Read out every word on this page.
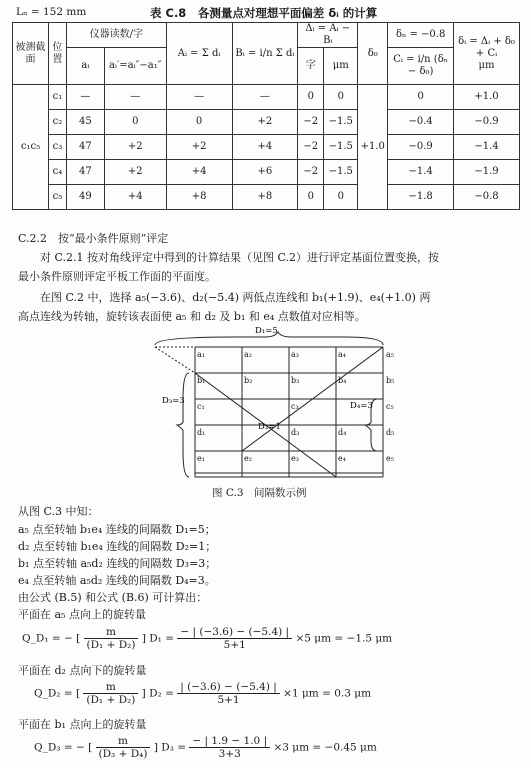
Lₙ = 152 mm	表 C.8　各测量点对理想平面偏差 δᵢ 的计算
被测截面	位置	仪器读数/字		Aᵢ = Σ dᵢ	Bᵢ = i/n Σ dᵢ	Δᵢ = Aᵢ − Bᵢ		δ₀	δₙ = −0.8	δᵢ = Δᵢ + δ₀ + Cᵢ
μm
		aᵢ	aᵢ′=aᵢ″−a₁″			字	μm		Cᵢ = i/n (δₙ − δ₀)	
c₁c₅	c₁	—	—	—	—	0	0	+1.0	0	+1.0
	c₂	45	0	0	+2	−2	−1.5		−0.4	−0.9
	c₃	47	+2	+2	+4	−2	−1.5		−0.9	−1.4
	c₄	47	+2	+4	+6	−2	−1.5		−1.4	−1.9
	c₅	49	+4	+8	+8	0	0		−1.8	−0.8
C.2.2　按“最小条件原则”评定
对 C.2.1 按对角线评定中得到的计算结果（见图 C.2）进行评定基面位置变换，按
最小条件原则评定平板工作面的平面度。
在图 C.2 中，选择 a₅(−3.6)、d₂(−5.4) 两低点连线和 b₁(+1.9)、e₄(+1.0) 两
高点连线为转轴，旋转该表面使 a₅ 和 d₂ 及 b₁ 和 e₄ 点数值对应相等。
a₁	a₂	a₃	a₄	a₅
b₁	b₂	b₃	b₄	b₅
c₁	c₃	c₅
d₁	d₃	d₄	d₅
e₁	e₂	e₃	e₄	e₅
D₁=5
D₃=3	D₄=3
D₂=1
图 C.3　间隔数示例
从图 C.3 中知：
a₅ 点至转轴 b₁e₄ 连线的间隔数 D₁=5；
d₂ 点至转轴 b₁e₄ 连线的间隔数 D₂=1；
b₁ 点至转轴 a₅d₂ 连线的间隔数 D₃=3；
e₄ 点至转轴 a₅d₂ 连线的间隔数 D₄=3。
由公式 (B.5) 和公式 (B.6) 可计算出：
平面在 a₅ 点向上的旋转量
Q_D₁ = − [ $\frac{m}{\text{(D₁ + D₂)}}$ ] $D_1 = \frac{- | (-3.6) - (-5.4) |}{5+1} \times 5$ μm = −1.5 μm
平面在 d₂ 点向下的旋转量
Q_D₂ = [ $\frac{m}{\text{(D₁ + D₂)}}$ ] $D_2 = \frac{| (-3.6) - (-5.4) |}{5+1} \times 1$ μm = 0.3 μm
平面在 b₁ 点向上的旋转量
Q_D₃ = − [ $\frac{m}{\text{(D₃ + D₄)}}$ ] $D_3 = \frac{- | 1.9 - 1.0 |}{3+3} \times 3$ μm = −0.45 μm
